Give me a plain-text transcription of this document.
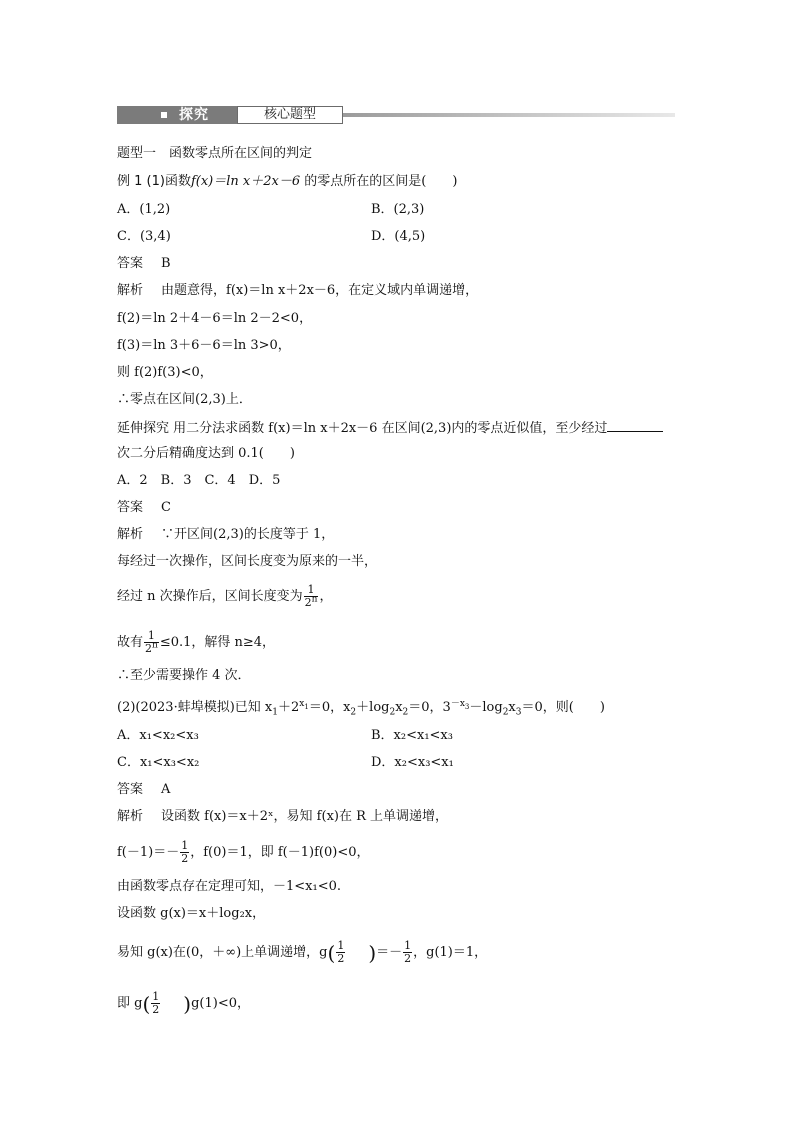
探究	核心题型
题型一　函数零点所在区间的判定
例 1 (1)函数f(x)＝ln x＋2x－6 的零点所在的区间是(　　)
A．(1,2)	B．(2,3)
C．(3,4)	D．(4,5)
答案 B
解析 由题意得，f(x)＝ln x＋2x－6，在定义域内单调递增，
f(2)＝ln 2＋4－6＝ln 2－2<0，
f(3)＝ln 3＋6－6＝ln 3>0，
则 f(2)f(3)<0，
∴零点在区间(2,3)上．
延伸探究 用二分法求函数 f(x)＝ln x＋2x－6 在区间(2,3)内的零点近似值，至少经过
次二分后精确度达到 0.1(　　)
A．2　B．3　C．4　D．5
答案 C
解析 ∵开区间(2,3)的长度等于 1，
每经过一次操作，区间长度变为原来的一半，
经过 n 次操作后，区间长度变为 $\frac{1}{2^n}$ ，
故有 $\frac{1}{2^n} \le 0.1$，解得 n≥4，
∴至少需要操作 4 次．
(2)(2023·蚌埠模拟)已知 $x_1+2^{x_1}=0$，$x_2+\log_2x_2=0$，$3^{-x_3}-\log_2x_3=0$，则(　　)
A．x₁<x₂<x₃	B．x₂<x₁<x₃
C．x₁<x₃<x₂	D．x₂<x₃<x₁
答案 A
解析 设函数 f(x)＝x＋2ˣ，易知 f(x)在 R 上单调递增，
$f(-1)=- \frac{1}{2}$ ，f(0)＝1，即 f(－1)f(0)<0，
由函数零点存在定理可知，－1<x₁<0.
设函数 g(x)＝x＋log₂x，
易知 g(x)在(0，＋∞)上单调递增，$g( \frac{1}{2}$ )＝－ $\frac{1}{2}$ ，g(1)＝1，
即 $g( \frac{1}{2} )g(1)<0$，
